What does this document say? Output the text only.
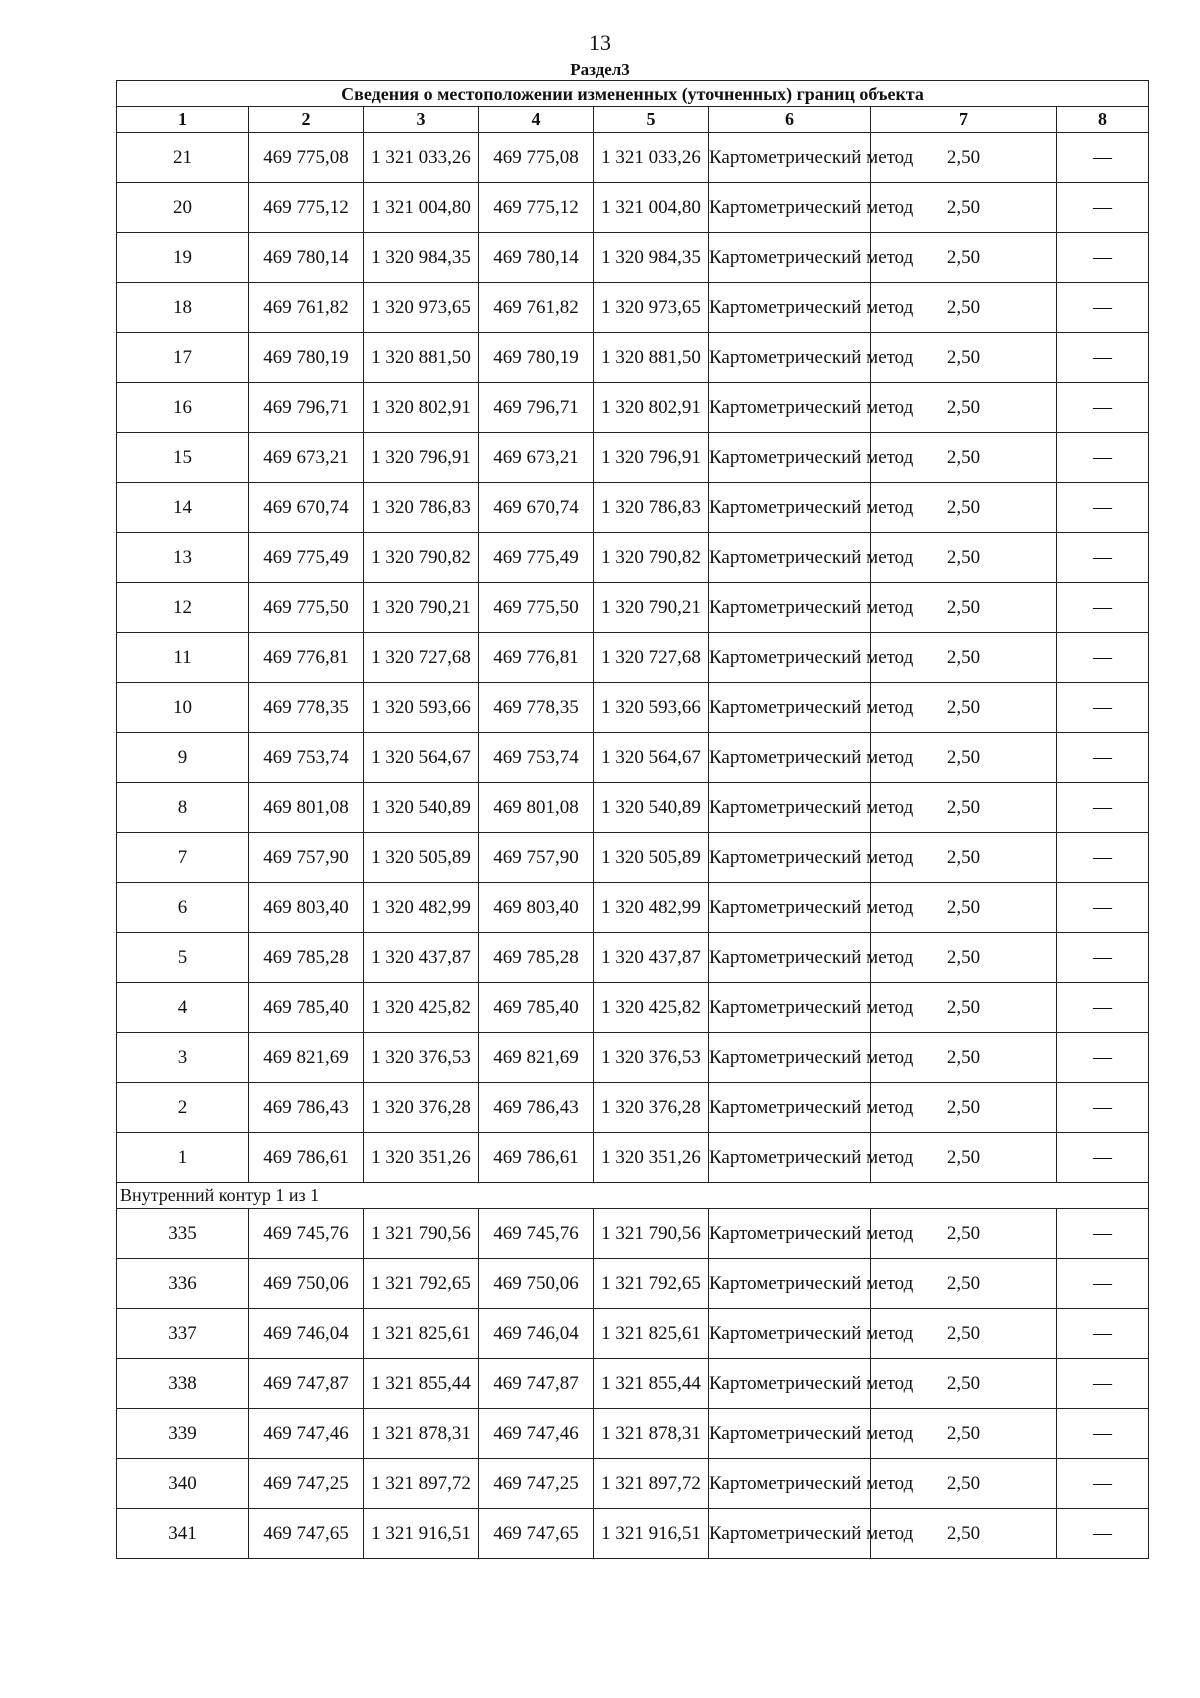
13
Раздел3
Сведения о местоположении измененных (уточненных) границ объекта							
1	2	3	4	5	6	7	8
21	469 775,08	1 321 033,26	469 775,08	1 321 033,26	Картометрический метод	2,50	—
20	469 775,12	1 321 004,80	469 775,12	1 321 004,80	Картометрический метод	2,50	—
19	469 780,14	1 320 984,35	469 780,14	1 320 984,35	Картометрический метод	2,50	—
18	469 761,82	1 320 973,65	469 761,82	1 320 973,65	Картометрический метод	2,50	—
17	469 780,19	1 320 881,50	469 780,19	1 320 881,50	Картометрический метод	2,50	—
16	469 796,71	1 320 802,91	469 796,71	1 320 802,91	Картометрический метод	2,50	—
15	469 673,21	1 320 796,91	469 673,21	1 320 796,91	Картометрический метод	2,50	—
14	469 670,74	1 320 786,83	469 670,74	1 320 786,83	Картометрический метод	2,50	—
13	469 775,49	1 320 790,82	469 775,49	1 320 790,82	Картометрический метод	2,50	—
12	469 775,50	1 320 790,21	469 775,50	1 320 790,21	Картометрический метод	2,50	—
11	469 776,81	1 320 727,68	469 776,81	1 320 727,68	Картометрический метод	2,50	—
10	469 778,35	1 320 593,66	469 778,35	1 320 593,66	Картометрический метод	2,50	—
9	469 753,74	1 320 564,67	469 753,74	1 320 564,67	Картометрический метод	2,50	—
8	469 801,08	1 320 540,89	469 801,08	1 320 540,89	Картометрический метод	2,50	—
7	469 757,90	1 320 505,89	469 757,90	1 320 505,89	Картометрический метод	2,50	—
6	469 803,40	1 320 482,99	469 803,40	1 320 482,99	Картометрический метод	2,50	—
5	469 785,28	1 320 437,87	469 785,28	1 320 437,87	Картометрический метод	2,50	—
4	469 785,40	1 320 425,82	469 785,40	1 320 425,82	Картометрический метод	2,50	—
3	469 821,69	1 320 376,53	469 821,69	1 320 376,53	Картометрический метод	2,50	—
2	469 786,43	1 320 376,28	469 786,43	1 320 376,28	Картометрический метод	2,50	—
1	469 786,61	1 320 351,26	469 786,61	1 320 351,26	Картометрический метод	2,50	—
Внутренний контур 1 из 1							
335	469 745,76	1 321 790,56	469 745,76	1 321 790,56	Картометрический метод	2,50	—
336	469 750,06	1 321 792,65	469 750,06	1 321 792,65	Картометрический метод	2,50	—
337	469 746,04	1 321 825,61	469 746,04	1 321 825,61	Картометрический метод	2,50	—
338	469 747,87	1 321 855,44	469 747,87	1 321 855,44	Картометрический метод	2,50	—
339	469 747,46	1 321 878,31	469 747,46	1 321 878,31	Картометрический метод	2,50	—
340	469 747,25	1 321 897,72	469 747,25	1 321 897,72	Картометрический метод	2,50	—
341	469 747,65	1 321 916,51	469 747,65	1 321 916,51	Картометрический метод	2,50	—
